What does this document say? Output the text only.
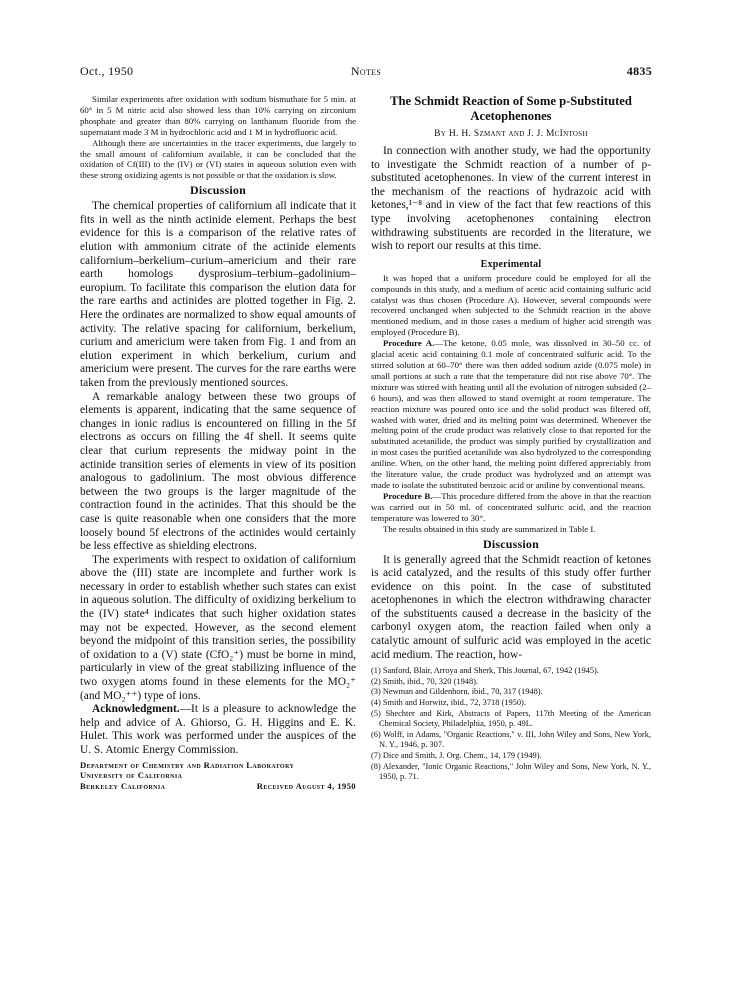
Oct., 1950	Notes	4835

Similar experiments after oxidation with sodium bismuthate for 5 min. at 60° in 5 M nitric acid also showed less than 10% carrying on zirconium phosphate and greater than 80% carrying on lanthanum fluoride from the supernatant made 3 M in hydrochloric acid and 1 M in hydrofluoric acid.

Although there are uncertainties in the tracer experiments, due largely to the small amount of californium available, it can be concluded that the oxidation of Cf(III) to the (IV) or (VI) states in aqueous solution even with these strong oxidizing agents is not possible or that the oxidation is slow.

Discussion

The chemical properties of californium all indicate that it fits in well as the ninth actinide element. Perhaps the best evidence for this is a comparison of the relative rates of elution with ammonium citrate of the actinide elements californium–berkelium–curium–americium and their rare earth homologs dysprosium–terbium–gadolinium–europium. To facilitate this comparison the elution data for the rare earths and actinides are plotted together in Fig. 2. Here the ordinates are normalized to show equal amounts of activity. The relative spacing for californium, berkelium, curium and americium were taken from Fig. 1 and from an elution experiment in which berkelium, curium and americium were present. The curves for the rare earths were taken from the previously mentioned sources.

A remarkable analogy between these two groups of elements is apparent, indicating that the same sequence of changes in ionic radius is encountered on filling in the 5f electrons as occurs on filling the 4f shell. It seems quite clear that curium represents the midway point in the actinide transition series of elements in view of its position analogous to gadolinium. The most obvious difference between the two groups is the larger magnitude of the contraction found in the actinides. That this should be the case is quite reasonable when one considers that the more loosely bound 5f electrons of the actinides would certainly be less effective as shielding electrons.

The experiments with respect to oxidation of californium above the (III) state are incomplete and further work is necessary in order to establish whether such states can exist in aqueous solution. The difficulty of oxidizing berkelium to the (IV) state⁴ indicates that such higher oxidation states may not be expected. However, as the second element beyond the midpoint of this transition series, the possibility of oxidation to a (V) state (CfO₂⁺) must be borne in mind, particularly in view of the great stabilizing influence of the two oxygen atoms found in these elements for the MO₂⁺ (and MO₂⁺⁺) type of ions.

Acknowledgment.—It is a pleasure to acknowledge the help and advice of A. Ghiorso, G. H. Higgins and E. K. Hulet. This work was performed under the auspices of the U. S. Atomic Energy Commission.

Department of Chemistry and Radiation Laboratory
University of California
Berkeley California	Received August 4, 1950
The Schmidt Reaction of Some p-Substituted Acetophenones
By H. H. Szmant and J. J. McIntosh

In connection with another study, we had the opportunity to investigate the Schmidt reaction of a number of p-substituted acetophenones. In view of the current interest in the mechanism of the reactions of hydrazoic acid with ketones,¹⁻⁸ and in view of the fact that few reactions of this type involving acetophenones containing electron withdrawing substituents are recorded in the literature, we wish to report our results at this time.

Experimental

It was hoped that a uniform procedure could be employed for all the compounds in this study, and a medium of acetic acid containing sulfuric acid catalyst was thus chosen (Procedure A). However, several compounds were recovered unchanged when subjected to the Schmidt reaction in the above mentioned medium, and in those cases a medium of higher acid strength was employed (Procedure B).

Procedure A.—The ketone, 0.05 mole, was dissolved in 30–50 cc. of glacial acetic acid containing 0.1 mole of concentrated sulfuric acid. To the stirred solution at 60–70° there was then added sodium azide (0.075 mole) in small portions at such a rate that the temperature did not rise above 70°. The mixture was stirred with heating until all the evolution of nitrogen subsided (2–6 hours), and was then allowed to stand overnight at room temperature. The reaction mixture was poured onto ice and the solid product was filtered off, washed with water, dried and its melting point was determined. Whenever the melting point of the crude product was relatively close to that reported for the substituted acetanilide, the product was simply purified by crystallization and in most cases the purified acetanilide was also hydrolyzed to the corresponding aniline. When, on the other hand, the melting point differed appreciably from the literature value, the crude product was hydrolyzed and an attempt was made to isolate the substituted benzoic acid or aniline by conventional means.

Procedure B.—This procedure differed from the above in that the reaction was carried out in 50 ml. of concentrated sulfuric acid, and the reaction temperature was lowered to 30°.

The results obtained in this study are summarized in Table I.

Discussion

It is generally agreed that the Schmidt reaction of ketones is acid catalyzed, and the results of this study offer further evidence on this point. In the case of substituted acetophenones in which the electron withdrawing character of the substituents caused a decrease in the basicity of the carbonyl oxygen atom, the reaction failed when only a catalytic amount of sulfuric acid was employed in the acetic acid medium. The reaction, how-

(1) Sanford, Blair, Arroya and Sherk, This Journal, 67, 1942 (1945).

(2) Smith, ibid., 70, 320 (1948).

(3) Newman and Gildenhorn, ibid., 70, 317 (1948).

(4) Smith and Horwitz, ibid., 72, 3718 (1950).

(5) Shechter and Kirk, Abstracts of Papers, 117th Meeting of the American Chemical Society, Philadelphia, 1950, p. 49L.

(6) Wolff, in Adams, "Organic Reactions," v. III, John Wiley and Sons, New York, N. Y., 1946, p. 307.

(7) Dice and Smith, J. Org. Chem., 14, 179 (1949).

(8) Alexander, "Ionic Organic Reactions," John Wiley and Sons, New York, N. Y., 1950, p. 71.
